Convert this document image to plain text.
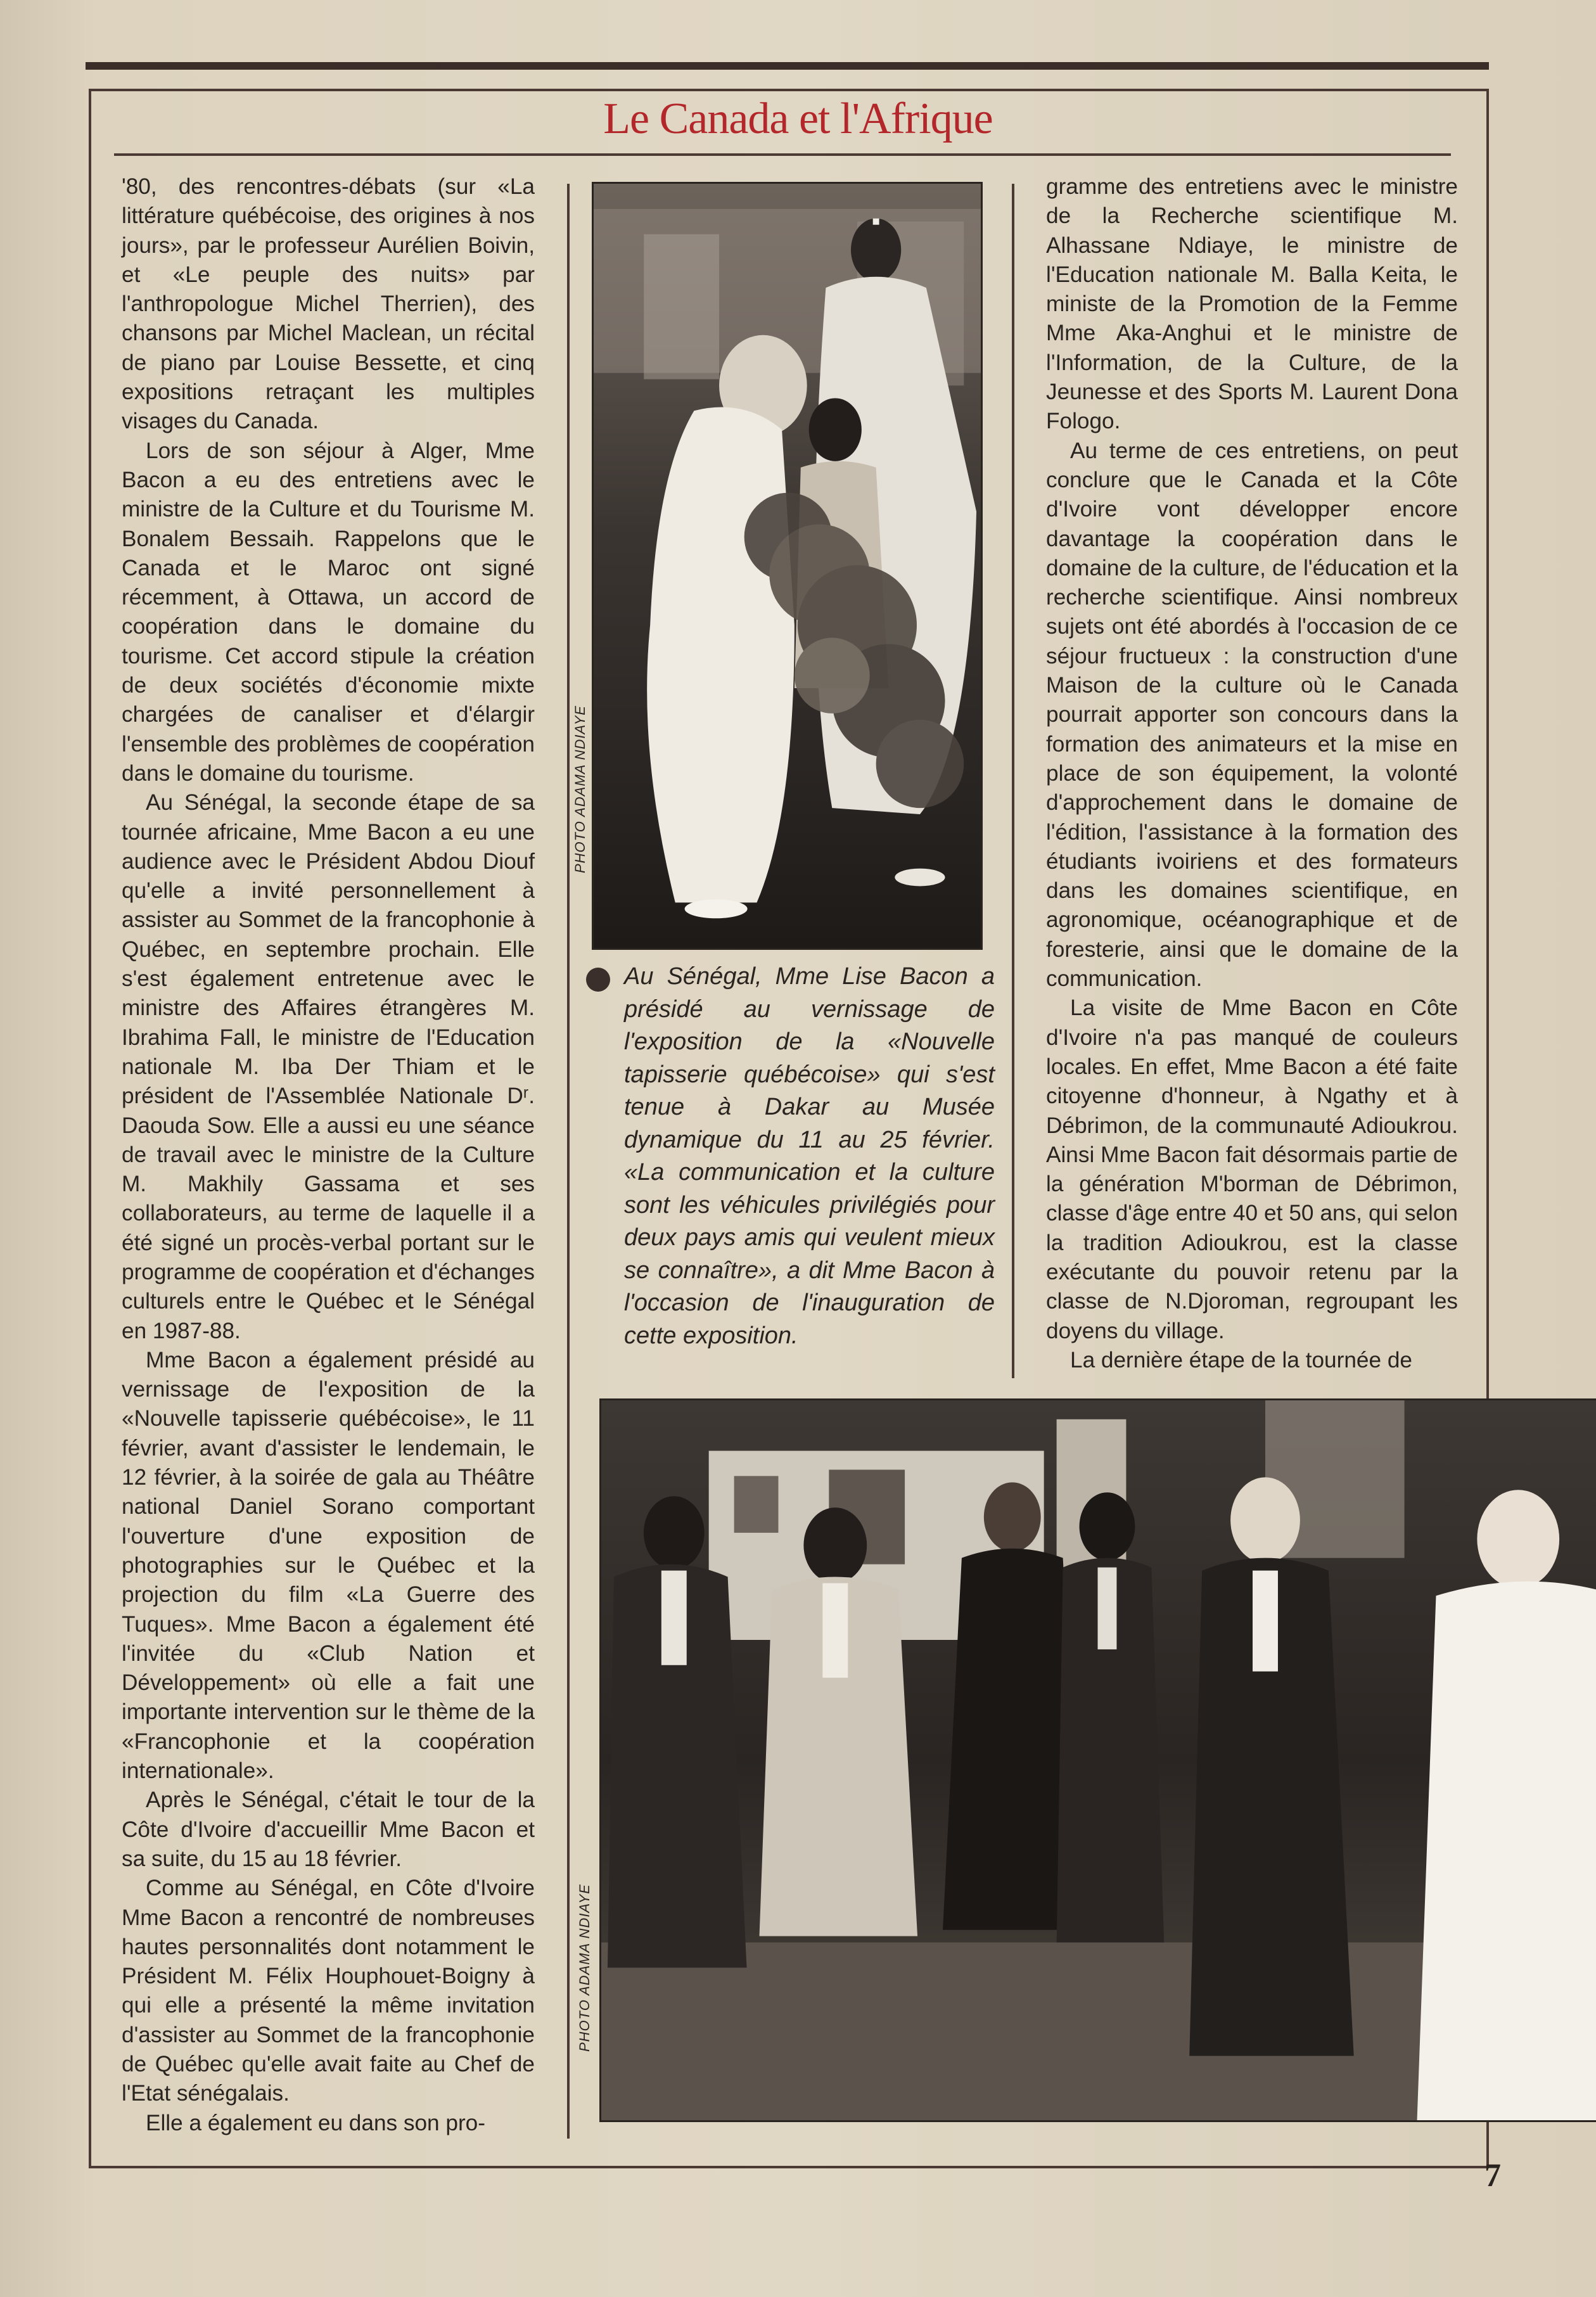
Le Canada et l'Afrique

'80, des rencontres-débats (sur «La littérature québécoise, des origines à nos jours», par le professeur Aurélien Boivin, et «Le peuple des nuits» par l'anthropologue Michel Therrien), des chansons par Michel Maclean, un récital de piano par Louise Bessette, et cinq expositions retraçant les multiples visages du Canada.

Lors de son séjour à Alger, Mme Bacon a eu des entretiens avec le ministre de la Culture et du Tourisme M. Bonalem Bessaih. Rappelons que le Canada et le Maroc ont signé récemment, à Ottawa, un accord de coopération dans le domaine du tourisme. Cet accord stipule la création de deux sociétés d'économie mixte chargées de canaliser et d'élargir l'ensemble des problèmes de coopération dans le domaine du tourisme.

Au Sénégal, la seconde étape de sa tournée africaine, Mme Bacon a eu une audience avec le Président Abdou Diouf qu'elle a invité personnellement à assister au Sommet de la francophonie à Québec, en septembre prochain. Elle s'est également entretenue avec le ministre des Affaires étrangères M. Ibrahima Fall, le ministre de l'Education nationale M. Iba Der Thiam et le président de l'Assemblée Nationale Dʳ. Daouda Sow. Elle a aussi eu une séance de travail avec le ministre de la Culture M. Makhily Gassama et ses collaborateurs, au terme de laquelle il a été signé un procès-verbal portant sur le programme de coopération et d'échanges culturels entre le Québec et le Sénégal en 1987-88.

Mme Bacon a également présidé au vernissage de l'exposition de la «Nouvelle tapisserie québécoise», le 11 février, avant d'assister le lendemain, le 12 février, à la soirée de gala au Théâtre national Daniel Sorano comportant l'ouverture d'une exposition de photographies sur le Québec et la projection du film «La Guerre des Tuques». Mme Bacon a également été l'invitée du «Club Nation et Développement» où elle a fait une importante intervention sur le thème de la «Francophonie et la coopération internationale».

Après le Sénégal, c'était le tour de la Côte d'Ivoire d'accueillir Mme Bacon et sa suite, du 15 au 18 février.

Comme au Sénégal, en Côte d'Ivoire Mme Bacon a rencontré de nombreuses hautes personnalités dont notamment le Président M. Félix Houphouet-Boigny à qui elle a présenté la même invitation d'assister au Sommet de la francophonie de Québec qu'elle avait faite au Chef de l'Etat sénégalais.

Elle a également eu dans son pro-

gramme des entretiens avec le ministre de la Recherche scientifique M. Alhassane Ndiaye, le ministre de l'Education nationale M. Balla Keita, le ministe de la Promotion de la Femme Mme Aka-Anghui et le ministre de l'Information, de la Culture, de la Jeunesse et des Sports M. Laurent Dona Fologo.

Au terme de ces entretiens, on peut conclure que le Canada et la Côte d'Ivoire vont développer encore davantage la coopération dans le domaine de la culture, de l'éducation et la recherche scientifique. Ainsi nombreux sujets ont été abordés à l'occasion de ce séjour fructueux : la construction d'une Maison de la culture où le Canada pourrait apporter son concours dans la formation des animateurs et la mise en place de son équipement, la volonté d'approchement dans le domaine de l'édition, l'assistance à la formation des étudiants ivoiriens et des formateurs dans les domaines scientifique, en agronomique, océanographique et de foresterie, ainsi que le domaine de la communication.

La visite de Mme Bacon en Côte d'Ivoire n'a pas manqué de couleurs locales. En effet, Mme Bacon a été faite citoyenne d'honneur, à Ngathy et à Débrimon, de la communauté Adioukrou. Ainsi Mme Bacon fait désormais partie de la génération M'borman de Débrimon, classe d'âge entre 40 et 50 ans, qui selon la tradition Adioukrou, est la classe exécutante du pouvoir retenu par la classe de N.Djoroman, regroupant les doyens du village.

La dernière étape de la tournée de

PHOTO ADAMA NDIAYE
Au Sénégal, Mme Lise Bacon a présidé au vernissage de l'exposition de la «Nouvelle tapisserie québécoise» qui s'est tenue à Dakar au Musée dynamique du 11 au 25 février. «La communication et la culture sont les véhicules privilégiés pour deux pays amis qui veulent mieux se connaître», a dit Mme Bacon à l'occasion de l'inauguration de cette exposition.
PHOTO ADAMA NDIAYE
7
